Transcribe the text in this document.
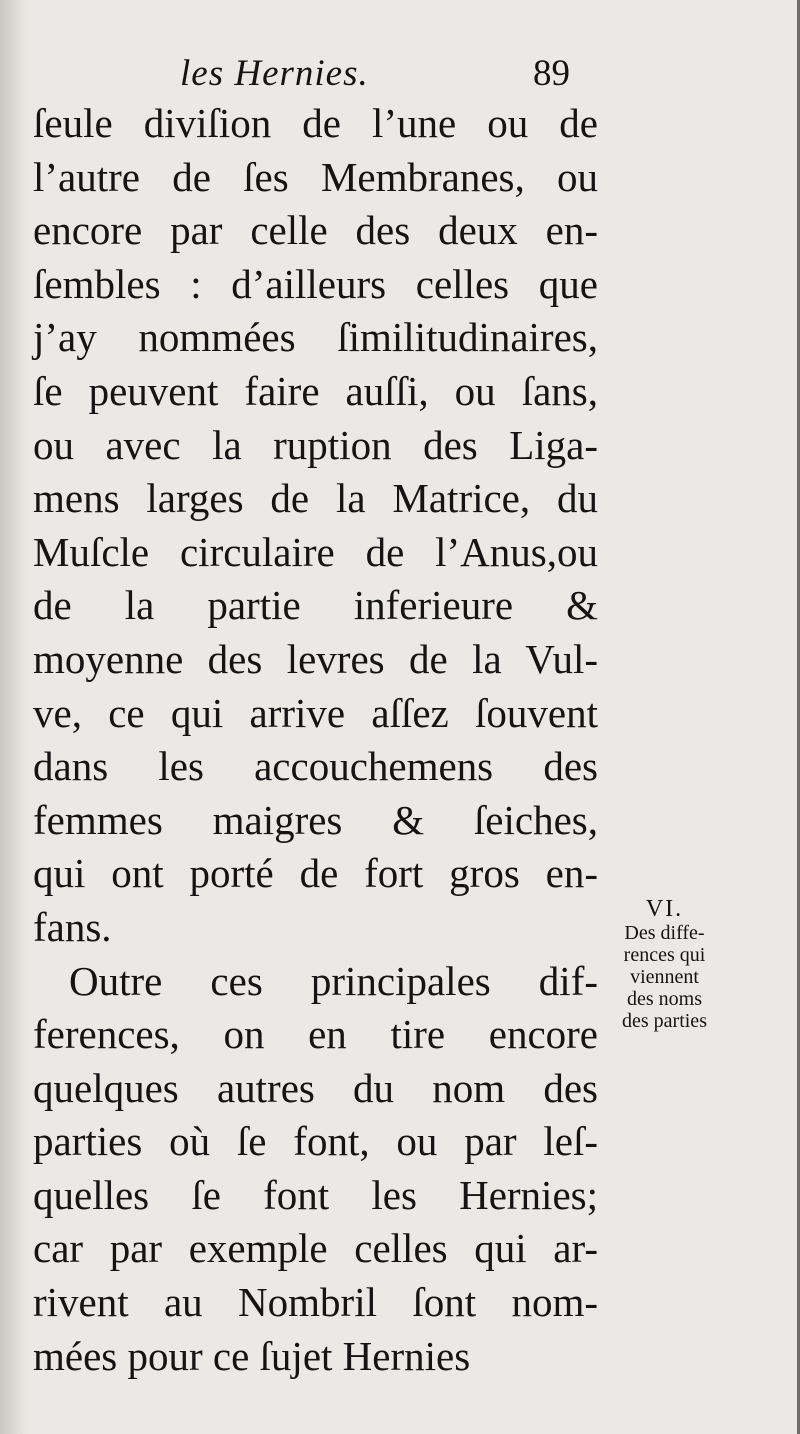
les Hernies.	89
ſeule diviſion de l’une ou de
l’autre de ſes Membranes, ou
encore par celle des deux en-
ſembles : d’ailleurs celles que
j’ay nommées ſimilitudinaires,
ſe peuvent faire auſſi, ou ſans,
ou avec la ruption des Liga-
mens larges de la Matrice, du
Muſcle circulaire de l’Anus,ou
de la partie inferieure &
moyenne des levres de la Vul-
ve, ce qui arrive aſſez ſouvent
dans les accouchemens des
femmes maigres & ſeiches,
qui ont porté de fort gros en-
fans.
Outre ces principales dif-
ferences, on en tire encore
quelques autres du nom des
parties où ſe font, ou par leſ-
quelles ſe font les Hernies;
car par exemple celles qui ar-
rivent au Nombril ſont nom-
mées pour ce ſujet Hernies
VI.
Des diffe-
rences qui
viennent
des noms
des parties
